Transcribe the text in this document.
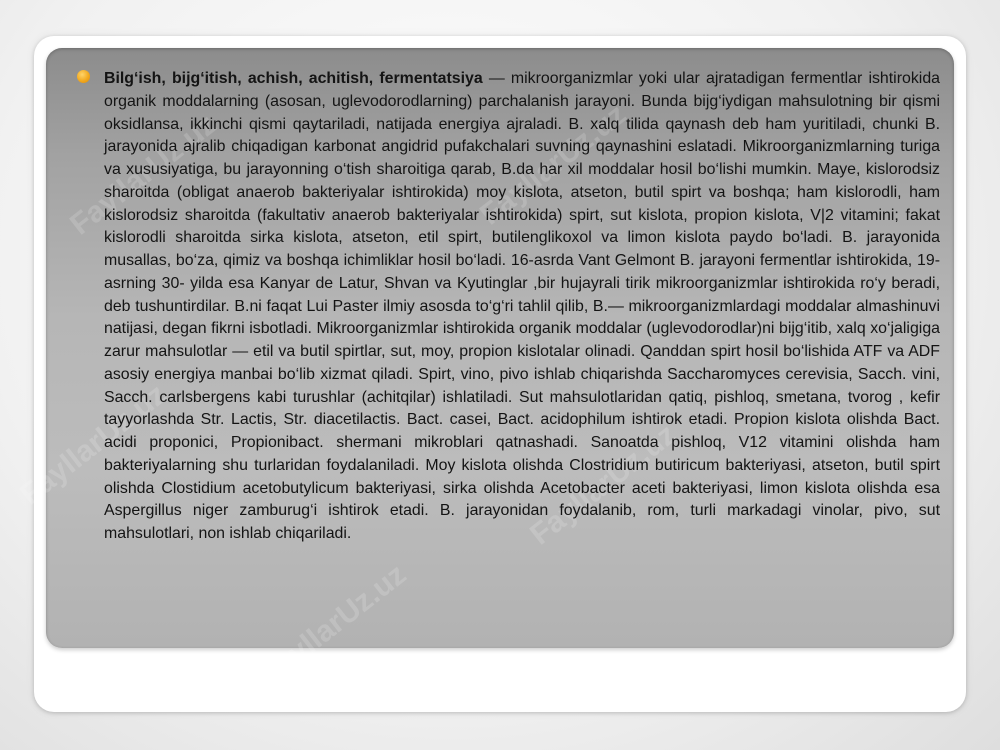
FayllarUz.uz	FayllarUz.uz
FayllarUz.uz	FayllarUz.uz
FayllarUz.uz

Bilg‘ish, bijg‘itish, achish, achitish, fermentatsiya — mikroorganizmlar yoki ular ajratadigan fermentlar ishtirokida organik moddalarning (asosan, uglevodorodlarning) parchalanish jarayoni. Bunda bijg‘iydigan mahsulotning bir qismi oksidlansa, ikkinchi qismi qaytariladi, natijada energiya ajraladi. B. xalq tilida qaynash deb ham yuritiladi, chunki B. jarayonida ajralib chiqadigan karbonat angidrid pufakchalari suvning qaynashini eslatadi. Mikroorganizmlarning turiga va xususiyatiga, bu jarayonning o‘tish sharoitiga qarab, B.da har xil moddalar hosil bo‘lishi mumkin. Maye, kislorodsiz sharoitda (obligat anaerob bakteriyalar ishtirokida) moy kislota, atseton, butil spirt va boshqa; ham kislorodli, ham kislorodsiz sharoitda (fakultativ anaerob bakteriyalar ishtirokida) spirt, sut kislota, propion kislota, V|2 vitamini; fakat kislorodli sharoitda sirka kislota, atseton, etil spirt, butilenglikoxol va limon kislota paydo bo‘ladi. B. jarayonida musallas, bo‘za, qimiz va boshqa ichimliklar hosil bo‘ladi. 16-asrda Vant Gelmont B. jarayoni fermentlar ishtirokida, 19-asrning 30- yilda esa Kanyar de Latur, Shvan va Kyutinglar ,bir hujayrali tirik mikroorganizmlar ishtirokida ro‘y beradi, deb tushuntirdilar. B.ni faqat Lui Paster ilmiy asosda to‘g‘ri tahlil qilib, B.— mikroorganizmlardagi moddalar almashinuvi natijasi, degan fikrni isbotladi. Mikroorganizmlar ishtirokida organik moddalar (uglevodorodlar)ni bijg‘itib, xalq xo‘jaligiga zarur mahsulotlar — etil va butil spirtlar, sut, moy, propion kislotalar olinadi. Qanddan spirt hosil bo‘lishida ATF va ADF asosiy energiya manbai bo‘lib xizmat qiladi. Spirt, vino, pivo ishlab chiqarishda Saccharomyces cerevisia, Sacch. vini, Sacch. carlsbergens kabi turushlar (achitqilar) ishlatiladi. Sut mahsulotlaridan qatiq, pishloq, smetana, tvorog , kefir tayyorlashda Str. Lactis, Str. diacetilactis. Bact. casei, Bact. acidophilum ishtirok etadi. Propion kislota olishda Bact. acidi proponici, Propionibact. shermani mikroblari qatnashadi. Sanoatda pishloq, V12 vitamini olishda ham bakteriyalarning shu turlaridan foydalaniladi. Moy kislota olishda Clostridium butiricum bakteriyasi, atseton, butil spirt olishda Clostidium acetobutylicum bakteriyasi, sirka olishda Acetobacter aceti bakteriyasi, limon kislota olishda esa Aspergillus niger zamburug‘i ishtirok etadi. B. jarayonidan foydalanib, rom, turli markadagi vinolar, pivo, sut mahsulotlari, non ishlab chiqariladi.
